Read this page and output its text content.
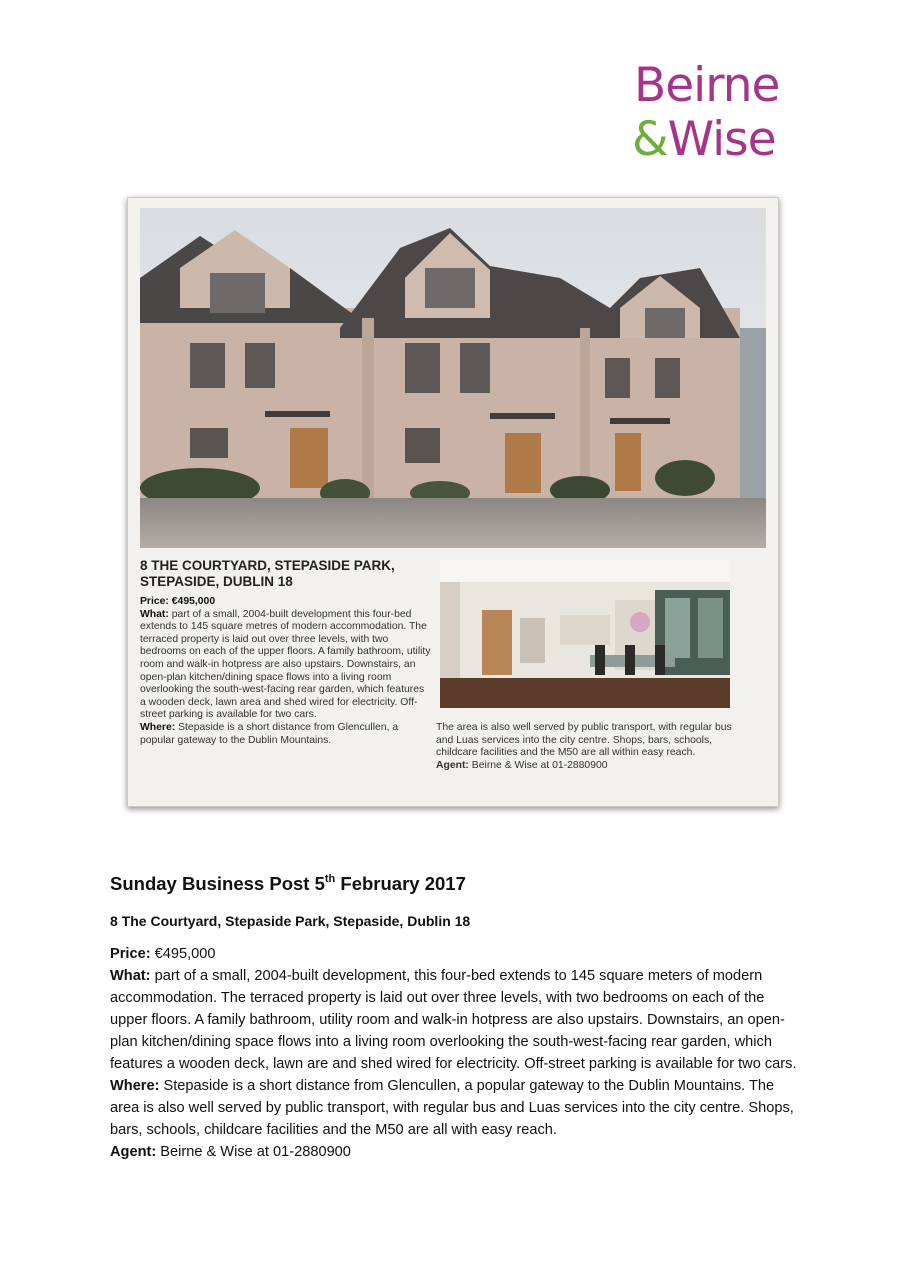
Beirne
&Wise
8 THE COURTYARD, STEPASIDE PARK, STEPASIDE, DUBLIN 18
Price: €495,000
What: part of a small, 2004-built development this four-bed extends to 145 square metres of modern accommodation. The terraced property is laid out over three levels, with two bedrooms on each of the upper floors. A family bathroom, utility room and walk-in hotpress are also upstairs. Downstairs, an open-plan kitchen/dining space flows into a living room overlooking the south-west-facing rear garden, which features a wooden deck, lawn area and shed wired for electricity. Off-street parking is available for two cars.
Where: Stepaside is a short distance from Glencullen, a popular gateway to the Dublin Mountains.
The area is also well served by public transport, with regular bus and Luas services into the city centre. Shops, bars, schools, childcare facilities and the M50 are all within easy reach.
Agent: Beirne & Wise at 01-2880900
Sunday Business Post 5th February 2017
8 The Courtyard, Stepaside Park, Stepaside, Dublin 18

Price: €495,000

What: part of a small, 2004-built development, this four-bed extends to 145 square meters of modern accommodation. The terraced property is laid out over three levels, with two bedrooms on each of the upper floors. A family bathroom, utility room and walk-in hotpress are also upstairs. Downstairs, an open-plan kitchen/dining space flows into a living room overlooking the south-west-facing rear garden, which features a wooden deck, lawn are and shed wired for electricity. Off-street parking is available for two cars.

Where: Stepaside is a short distance from Glencullen, a popular gateway to the Dublin Mountains. The area is also well served by public transport, with regular bus and Luas services into the city centre. Shops, bars, schools, childcare facilities and the M50 are all with easy reach.

Agent: Beirne & Wise at 01-2880900
